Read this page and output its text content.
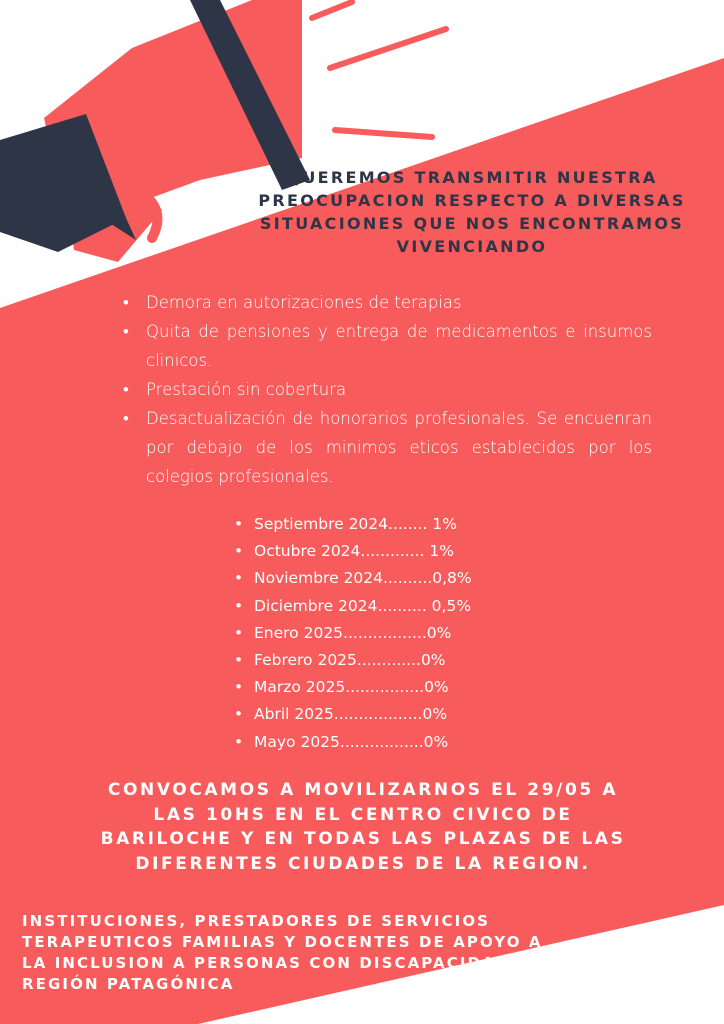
QUEREMOS TRANSMITIR NUESTRA
PREOCUPACION RESPECTO A DIVERSAS
SITUACIONES QUE NOS ENCONTRAMOS
VIVENCIANDO
• Demora en autorizaciones de terapias
• Quita de pensiones y entrega de medicamentos e insumos clinicos.
• Prestación sin cobertura
• Desactualización de honorarios profesionales. Se encuenran por debajo de los minimos eticos establecidos por los colegios profesionales.
• Septiembre 2024........ 1%
• Octubre 2024............. 1%
• Noviembre 2024..........0,8%
• Diciembre 2024.......... 0,5%
• Enero 2025.................0%
• Febrero 2025.............0%
• Marzo 2025................0%
• Abril 2025..................0%
• Mayo 2025.................0%
CONVOCAMOS A MOVILIZARNOS EL 29/05 A
LAS 10HS EN EL CENTRO CIVICO DE
BARILOCHE Y EN TODAS LAS PLAZAS DE LAS
DIFERENTES CIUDADES DE LA REGION.
INSTITUCIONES, PRESTADORES DE SERVICIOS
TERAPEUTICOS FAMILIAS Y DOCENTES DE APOYO A
LA INCLUSION A PERSONAS CON DISCAPACIDAD
REGIÓN PATAGÓNICA
